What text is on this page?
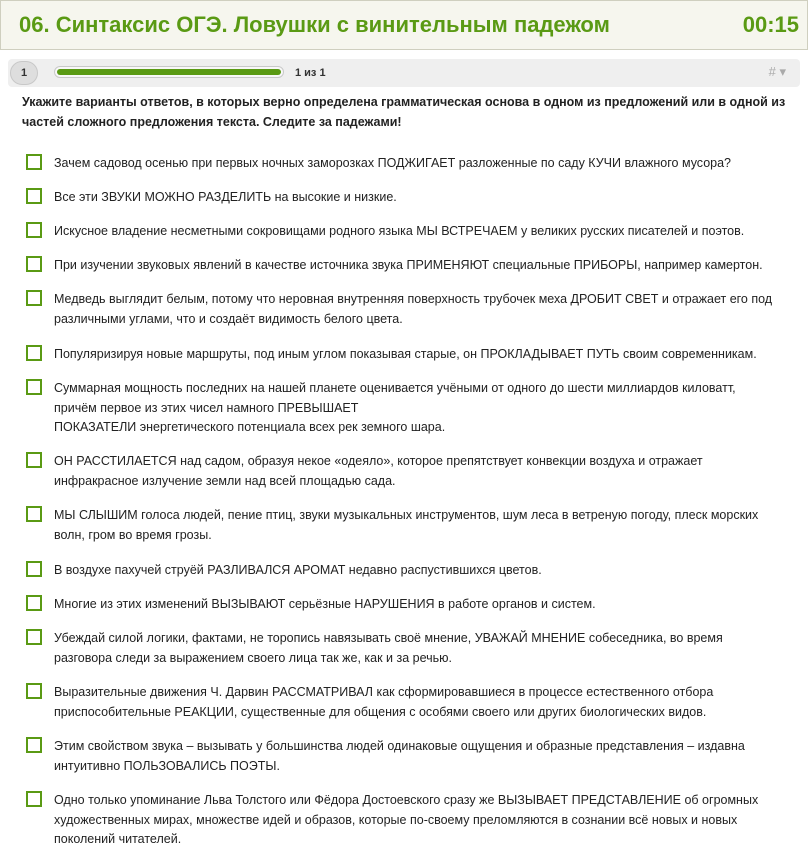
06. Синтаксис ОГЭ. Ловушки с винительным падежом	00:15
1	1 из 1	# ▾
Укажите варианты ответов, в которых верно определена грамматическая основа в одном из предложений или в одной из частей сложного предложения текста. Следите за падежами!
Зачем садовод осенью при первых ночных заморозках ПОДЖИГАЕТ разложенные по саду КУЧИ влажного мусора?
Все эти ЗВУКИ МОЖНО РАЗДЕЛИТЬ на высокие и низкие.
Искусное владение несметными сокровищами родного языка МЫ ВСТРЕЧАЕМ у великих русских писателей и поэтов.
При изучении звуковых явлений в качестве источника звука ПРИМЕНЯЮТ специальные ПРИБОРЫ, например камертон.
Медведь выглядит белым, потому что неровная внутренняя поверхность трубочек меха ДРОБИТ СВЕТ и отражает его под различными углами, что и создаёт видимость белого цвета.
Популяризируя новые маршруты, под иным углом показывая старые, он ПРОКЛАДЫВАЕТ ПУТЬ своим современникам.
Суммарная мощность последних на нашей планете оценивается учёными от одного до шести миллиардов киловатт,
причём первое из этих чисел намного ПРЕВЫШАЕТ
ПОКАЗАТЕЛИ энергетического потенциала всех рек земного шара.
ОН РАССТИЛАЕТСЯ над садом, образуя некое «одеяло», которое препятствует конвекции воздуха и отражает инфракрасное излучение земли над всей площадью сада.
МЫ СЛЫШИМ голоса людей, пение птиц, звуки музыкальных инструментов, шум леса в ветреную погоду, плеск морских волн, гром во время грозы.
В воздухе пахучей струёй РАЗЛИВАЛСЯ АРОМАТ недавно распустившихся цветов.
Многие из этих изменений ВЫЗЫВАЮТ серьёзные НАРУШЕНИЯ в работе органов и систем.
Убеждай силой логики, фактами, не торопись навязывать своё мнение, УВАЖАЙ МНЕНИЕ собеседника, во время разговора следи за выражением своего лица так же, как и за речью.
Выразительные движения Ч. Дарвин РАССМАТРИВАЛ как сформировавшиеся в процессе естественного отбора приспособительные РЕАКЦИИ, существенные для общения с особями своего или других биологических видов.
Этим свойством звука – вызывать у большинства людей одинаковые ощущения и образные представления – издавна интуитивно ПОЛЬЗОВАЛИСЬ ПОЭТЫ.
Одно только упоминание Льва Толстого или Фёдора Достоевского сразу же ВЫЗЫВАЕТ ПРЕДСТАВЛЕНИЕ об огромных художественных мирах, множестве идей и образов, которые по-своему преломляются в сознании всё новых и новых поколений читателей.
